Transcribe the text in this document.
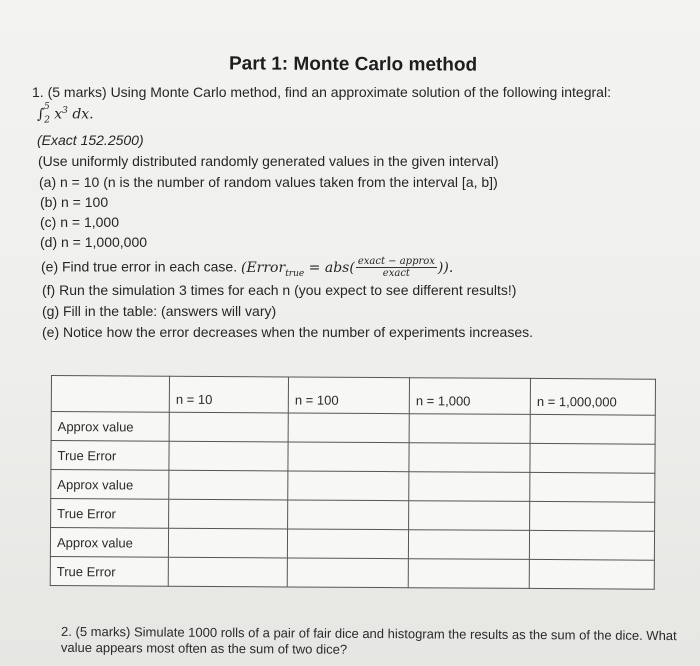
Part 1: Monte Carlo method
1. (5 marks) Using Monte Carlo method, find an approximate solution of the following integral:
$\int_2^5$ $x^3$ dx.
(Exact 152.2500)
(Use uniformly distributed randomly generated values in the given interval)
(a) n = 10 (n is the number of random values taken from the interval [a, b])
(b) n = 100
(c) n = 1,000
(d) n = 1,000,000
(e) Find true error in each case. (Error$_{true}$ = $abs( \frac{\text{exact − approx}}{\text{exact}}$ )).
(f) Run the simulation 3 times for each n (you expect to see different results!)
(g) Fill in the table: (answers will vary)
(e) Notice how the error decreases when the number of experiments increases.
	n = 10	n = 100	n = 1,000	n = 1,000,000
Approx value				
True Error				
Approx value				
True Error				
Approx value				
True Error				
2. (5 marks) Simulate 1000 rolls of a pair of fair dice and histogram the results as the sum of the dice. What value appears most often as the sum of two dice?
